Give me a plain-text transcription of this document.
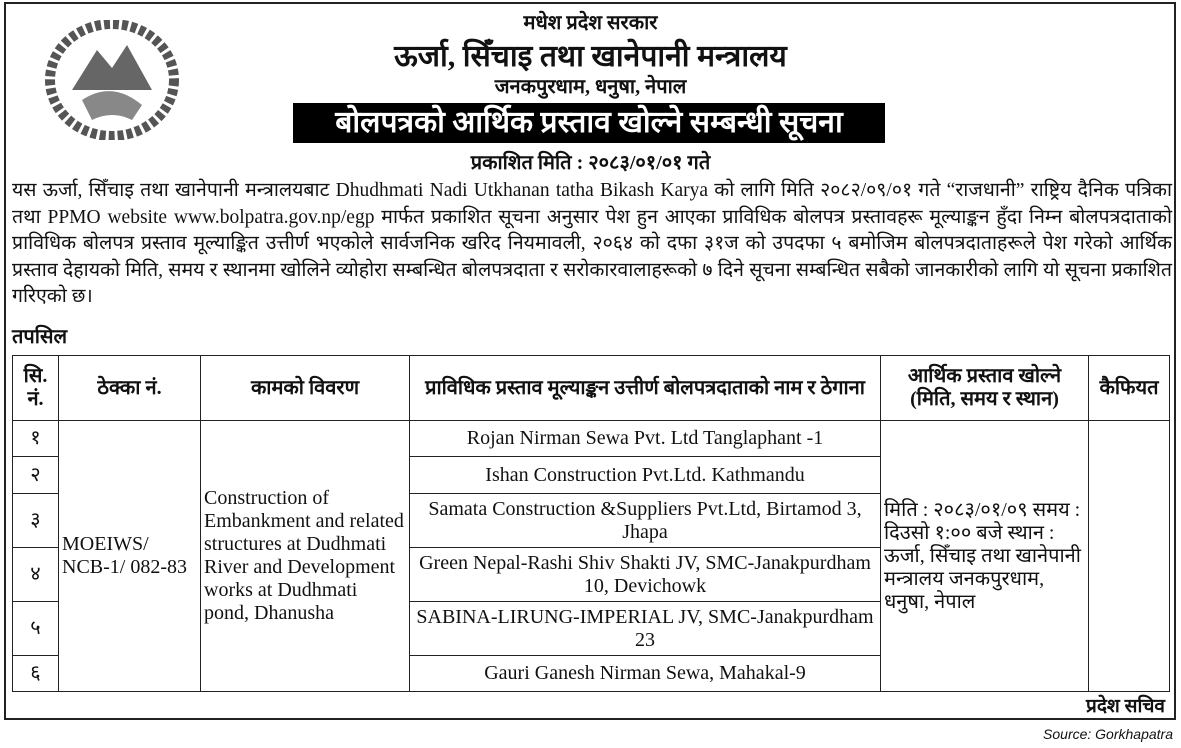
मधेश प्रदेश सरकार
ऊर्जा, सिँचाइ तथा खानेपानी मन्त्रालय
जनकपुरधाम, धनुषा, नेपाल
बोलपत्रको आर्थिक प्रस्ताव खोल्ने सम्बन्धी सूचना
प्रकाशित मिति : २०८३/०१/०१ गते

यस ऊर्जा, सिँचाइ तथा खानेपानी मन्त्रालयबाट Dhudhmati Nadi Utkhanan tatha Bikash Karya को लागि मिति २०८२/०९/०१ गते “राजधानी” राष्ट्रिय दैनिक पत्रिका तथा PPMO website www.bolpatra.gov.np/egp मार्फत प्रकाशित सूचना अनुसार पेश हुन आएका प्राविधिक बोलपत्र प्रस्तावहरू मूल्याङ्कन हुँदा निम्न बोलपत्रदाताको प्राविधिक बोलपत्र प्रस्ताव मूल्याङ्कित उत्तीर्ण भएकोले सार्वजनिक खरिद नियमावली, २०६४ को दफा ३१ज को उपदफा ५ बमोजिम बोलपत्रदाताहरूले पेश गरेको आर्थिक प्रस्ताव देहायको मिति, समय र स्थानमा खोलिने व्योहोरा सम्बन्धित बोलपत्रदाता र सरोकारवालाहरूको ७ दिने सूचना सम्बन्धित सबैको जानकारीको लागि यो सूचना प्रकाशित गरिएको छ।

तपसिल
सि. नं.	ठेक्का नं.	कामको विवरण	प्राविधिक प्रस्ताव मूल्याङ्कन उत्तीर्ण बोलपत्रदाताको नाम र ठेगाना	आर्थिक प्रस्ताव खोल्ने (मिति, समय र स्थान)	कैफियत
१	MOEIWS/ NCB-1/ 082-83	Construction of Embankment and related structures at Dudhmati River and Development works at Dudhmati pond, Dhanusha	Rojan Nirman Sewa Pvt. Ltd Tanglaphant -1	मिति : २०८३/०१/०९ समय : दिउसो १:०० बजे स्थान : ऊर्जा, सिँचाइ तथा खानेपानी मन्त्रालय जनकपुरधाम, धनुषा, नेपाल	
२			Ishan Construction Pvt.Ltd. Kathmandu		
३			Samata Construction &Suppliers Pvt.Ltd, Birtamod 3, Jhapa		
४			Green Nepal-Rashi Shiv Shakti JV, SMC-Janakpurdham 10, Devichowk		
५			SABINA-LIRUNG-IMPERIAL JV, SMC-Janakpurdham 23		
६			Gauri Ganesh Nirman Sewa, Mahakal-9		
प्रदेश सचिव
Source: Gorkhapatra
